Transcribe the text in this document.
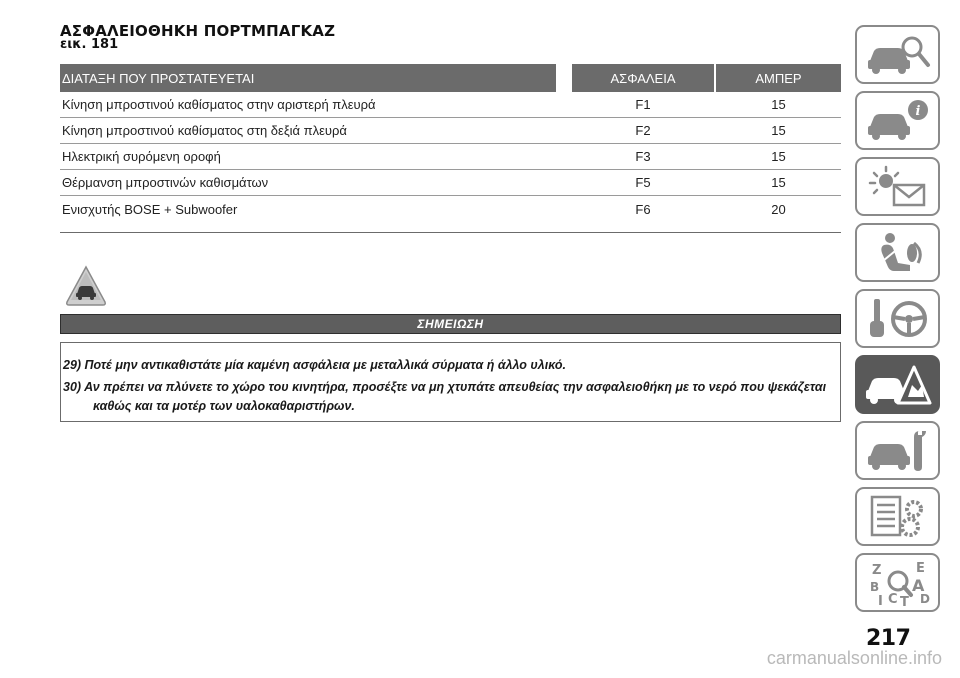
ΑΣΦΑΛΕΙΟΘΗΚΗ ΠΟΡΤΜΠΑΓΚΑΖ
εικ. 181
ΔΙΑΤΑΞΗ ΠΟΥ ΠΡΟΣΤΑΤΕΥΕΤΑΙ	ΑΣΦΑΛΕΙΑ	ΑΜΠΕΡ
Κίνηση μπροστινού καθίσματος στην αριστερή πλευρά	F1	15
Κίνηση μπροστινού καθίσματος στη δεξιά πλευρά	F2	15
Ηλεκτρική συρόμενη οροφή	F3	15
Θέρμανση μπροστινών καθισμάτων	F5	15
Ενισχυτής BOSE + Subwoofer	F6	20
ΣΗΜΕΙΩΣΗ

29) Ποτέ μην αντικαθιστάτε μία καμένη ασφάλεια με μεταλλικά σύρματα ή άλλο υλικό.

30) Αν πρέπει να πλύνετε το χώρο του κινητήρα, προσέξτε να μη χτυπάτε απευθείας την ασφαλειοθήκη με το νερό που ψεκάζεται καθώς και τα μοτέρ των υαλοκαθαριστήρων.

i
Z	E
B A
I C T D
217
carmanualsonline.info
